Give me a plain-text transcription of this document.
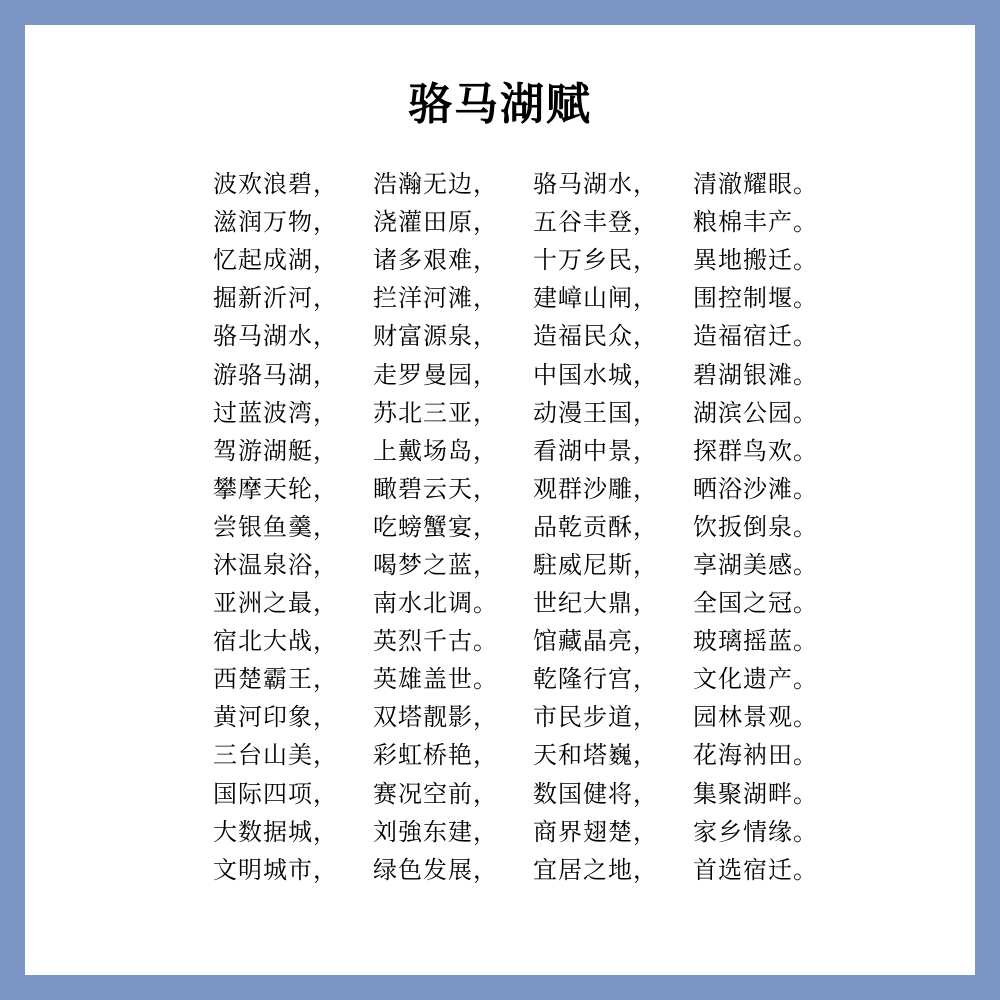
骆马湖赋
波欢浪碧，	浩瀚无边，	骆马湖水，	清澈耀眼。
滋润万物，	浇灌田原，	五谷丰登，	粮棉丰产。
忆起成湖，	诸多艰难，	十万乡民，	異地搬迁。
掘新沂河，	拦洋河滩，	建嶂山闸，	围控制堰。
骆马湖水，	财富源泉，	造福民众，	造福宿迁。
游骆马湖，	走罗曼园，	中国水城，	碧湖银滩。
过蓝波湾，	苏北三亚，	动漫王国，	湖滨公园。
驾游湖艇，	上戴场岛，	看湖中景，	探群鸟欢。
攀摩天轮，	瞰碧云天，	观群沙雕，	晒浴沙滩。
尝银鱼羹，	吃螃蟹宴，	品乾贡酥，	饮扳倒泉。
沐温泉浴，	喝梦之蓝，	駐威尼斯，	享湖美感。
亚洲之最，	南水北调。	世纪大鼎，	全国之冠。
宿北大战，	英烈千古。	馆藏晶亮，	玻璃摇蓝。
西楚霸王，	英雄盖世。	乾隆行宫，	文化遗产。
黄河印象，	双塔靓影，	市民步道，	园林景观。
三台山美，	彩虹桥艳，	天和塔巍，	花海衲田。
国际四项，	赛况空前，	数国健将，	集聚湖畔。
大数据城，	刘強东建，	商界翅楚，	家乡情缘。
文明城市，	绿色发展，	宜居之地，	首选宿迁。
